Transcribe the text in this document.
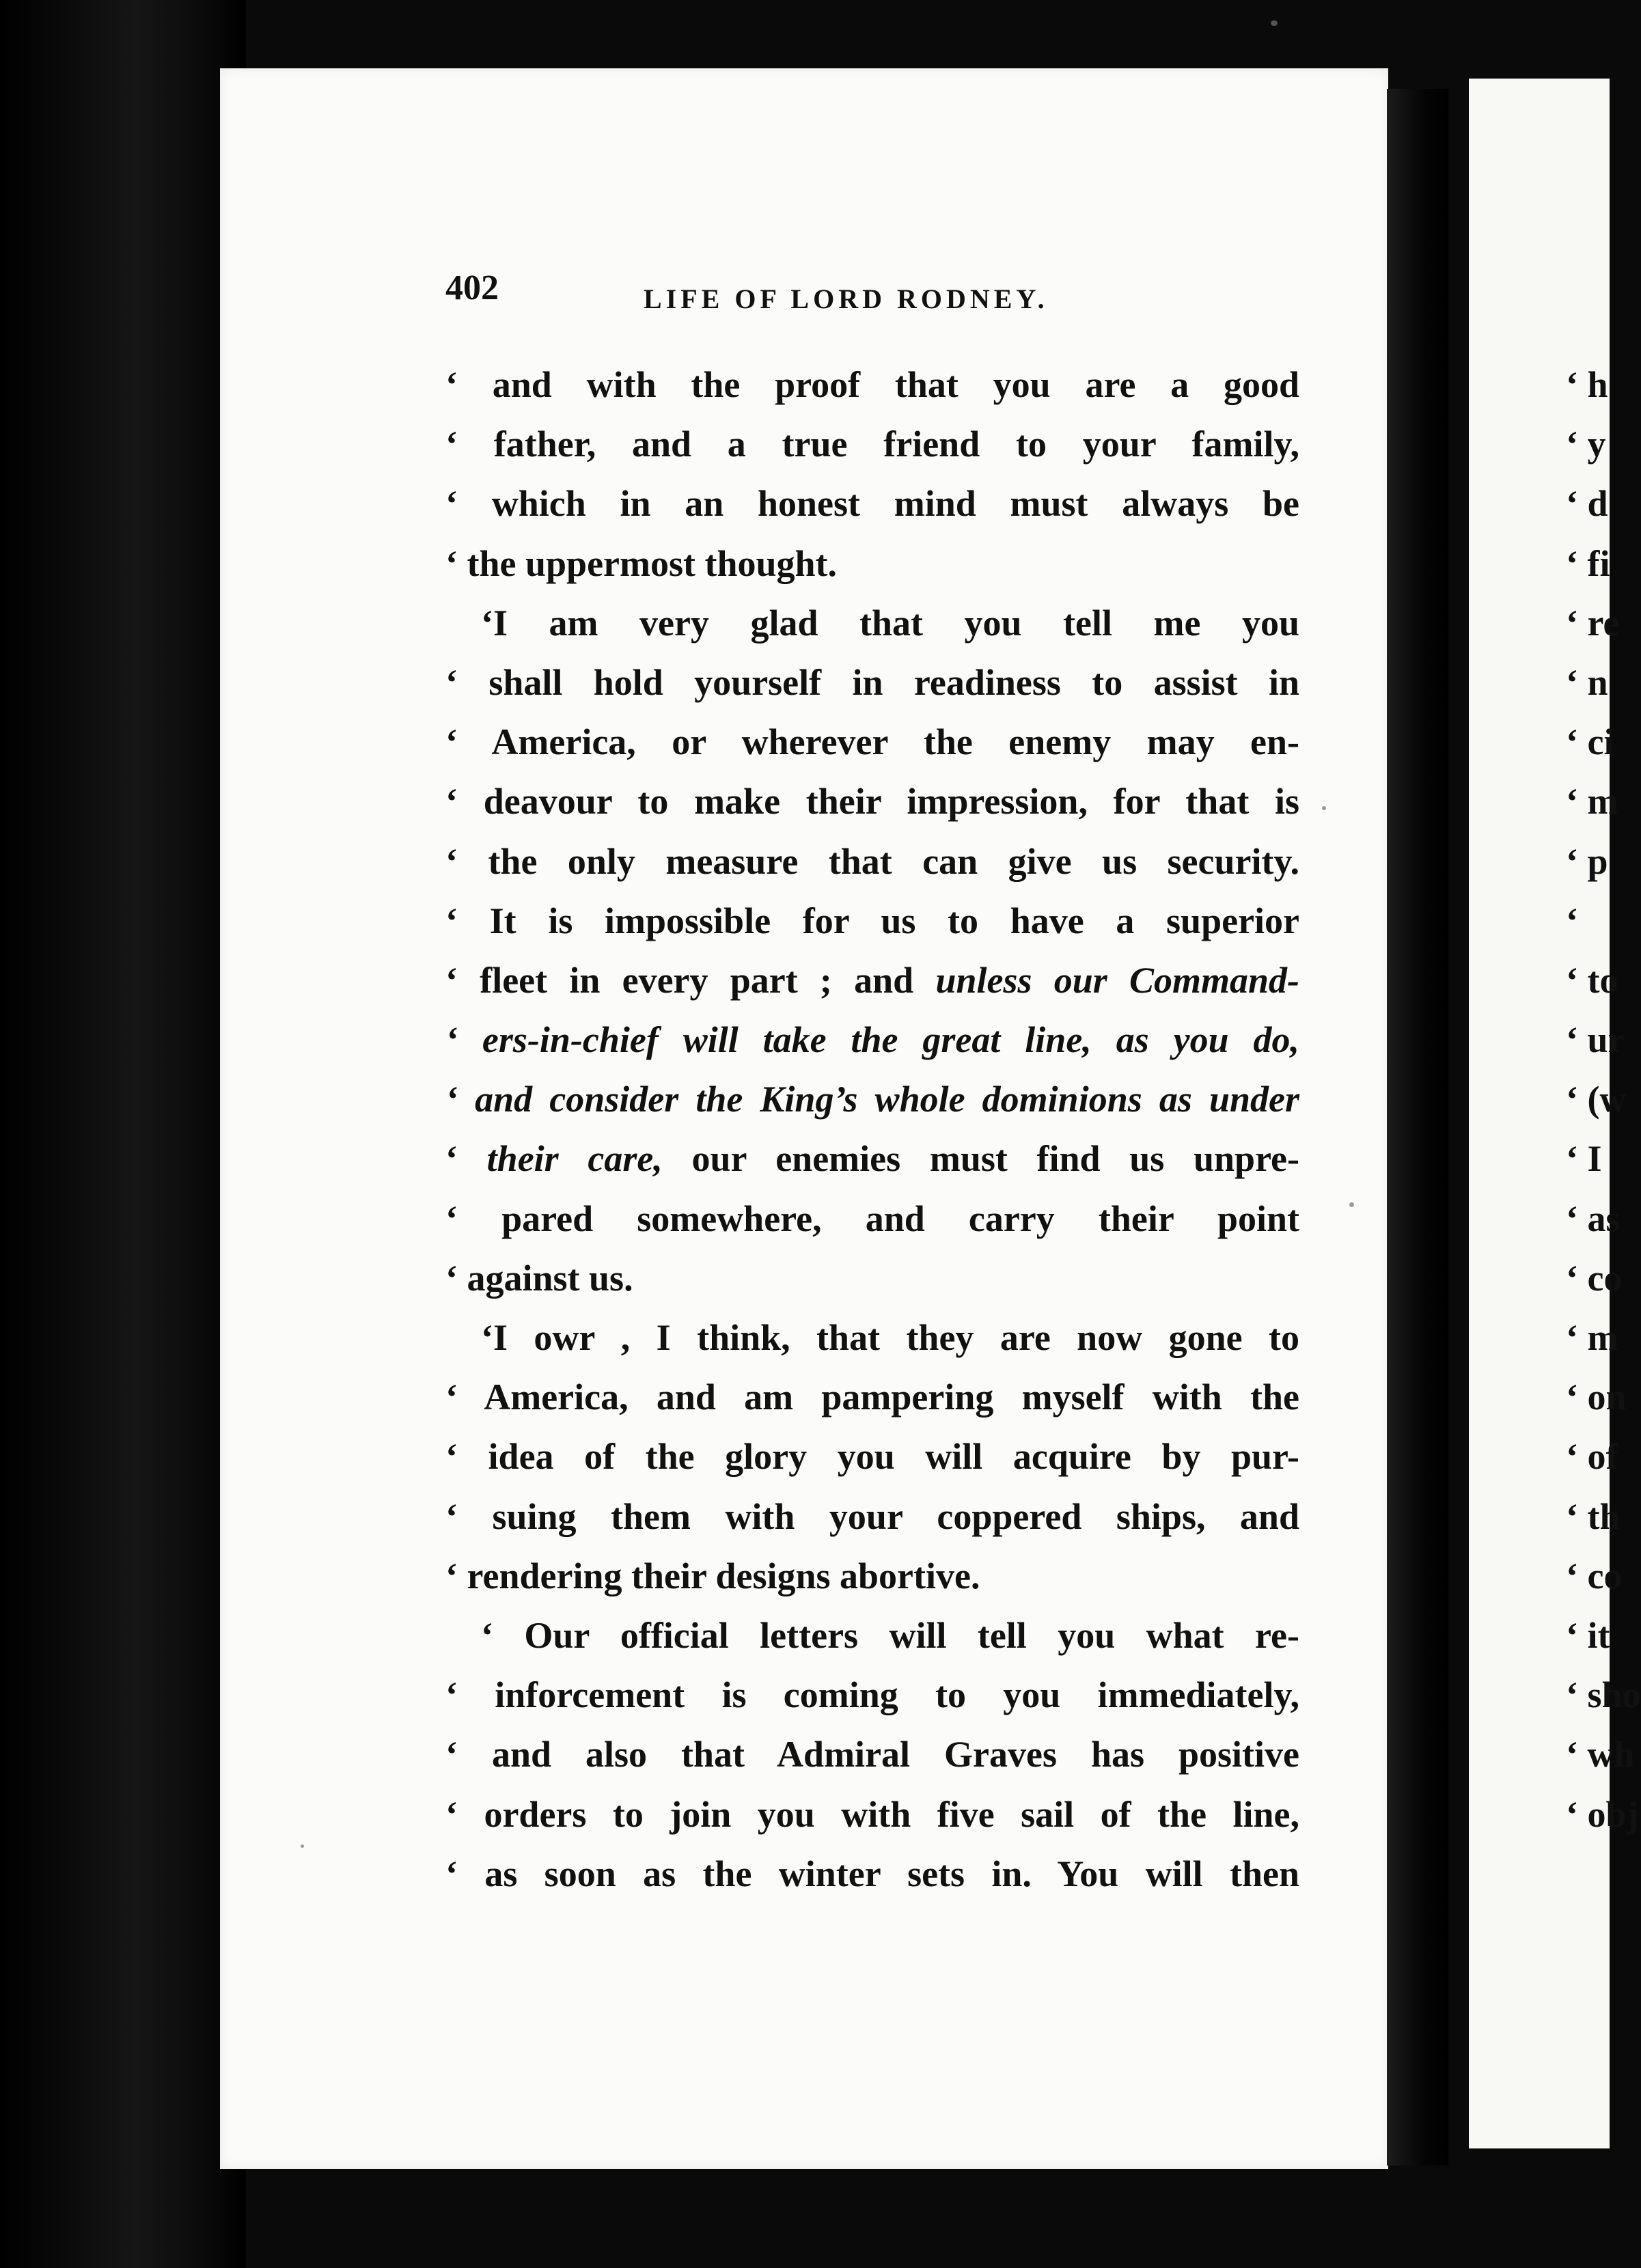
402	LIFE OF LORD RODNEY.
‘ and with the proof that you are a good
‘ father, and a true friend to your family,
‘ which in an honest mind must always be
‘ the uppermost thought.
‘I am very glad that you tell me you
‘ shall hold yourself in readiness to assist in
‘ America, or wherever the enemy may en-
‘ deavour to make their impression, for that is
‘ the only measure that can give us security.
‘ It is impossible for us to have a superior
‘ fleet in every part ; and unless our Command-
‘ ers-in-chief will take the great line, as you do,
‘ and consider the King’s whole dominions as under
‘ their care, our enemies must find us unpre-
‘ pared somewhere, and carry their point
‘ against us.
‘I owr , I think, that they are now gone to
‘ America, and am pampering myself with the
‘ idea of the glory you will acquire by pur-
‘ suing them with your coppered ships, and
‘ rendering their designs abortive.
‘ Our official letters will tell you what re-
‘ inforcement is coming to you immediately,
‘ and also that Admiral Graves has positive
‘ orders to join you with five sail of the line,
‘ as soon as the winter sets in. You will then
‘ h
‘ y
‘ d
‘ fi
‘ re
‘ n
‘ ci
‘ m
‘ p
‘
‘ to
‘ ur
‘ (w
‘ I
‘ as
‘ co
‘ m
‘ on
‘ of
‘ th
‘ co
‘ it
‘ sho
‘ wh
‘ obj
